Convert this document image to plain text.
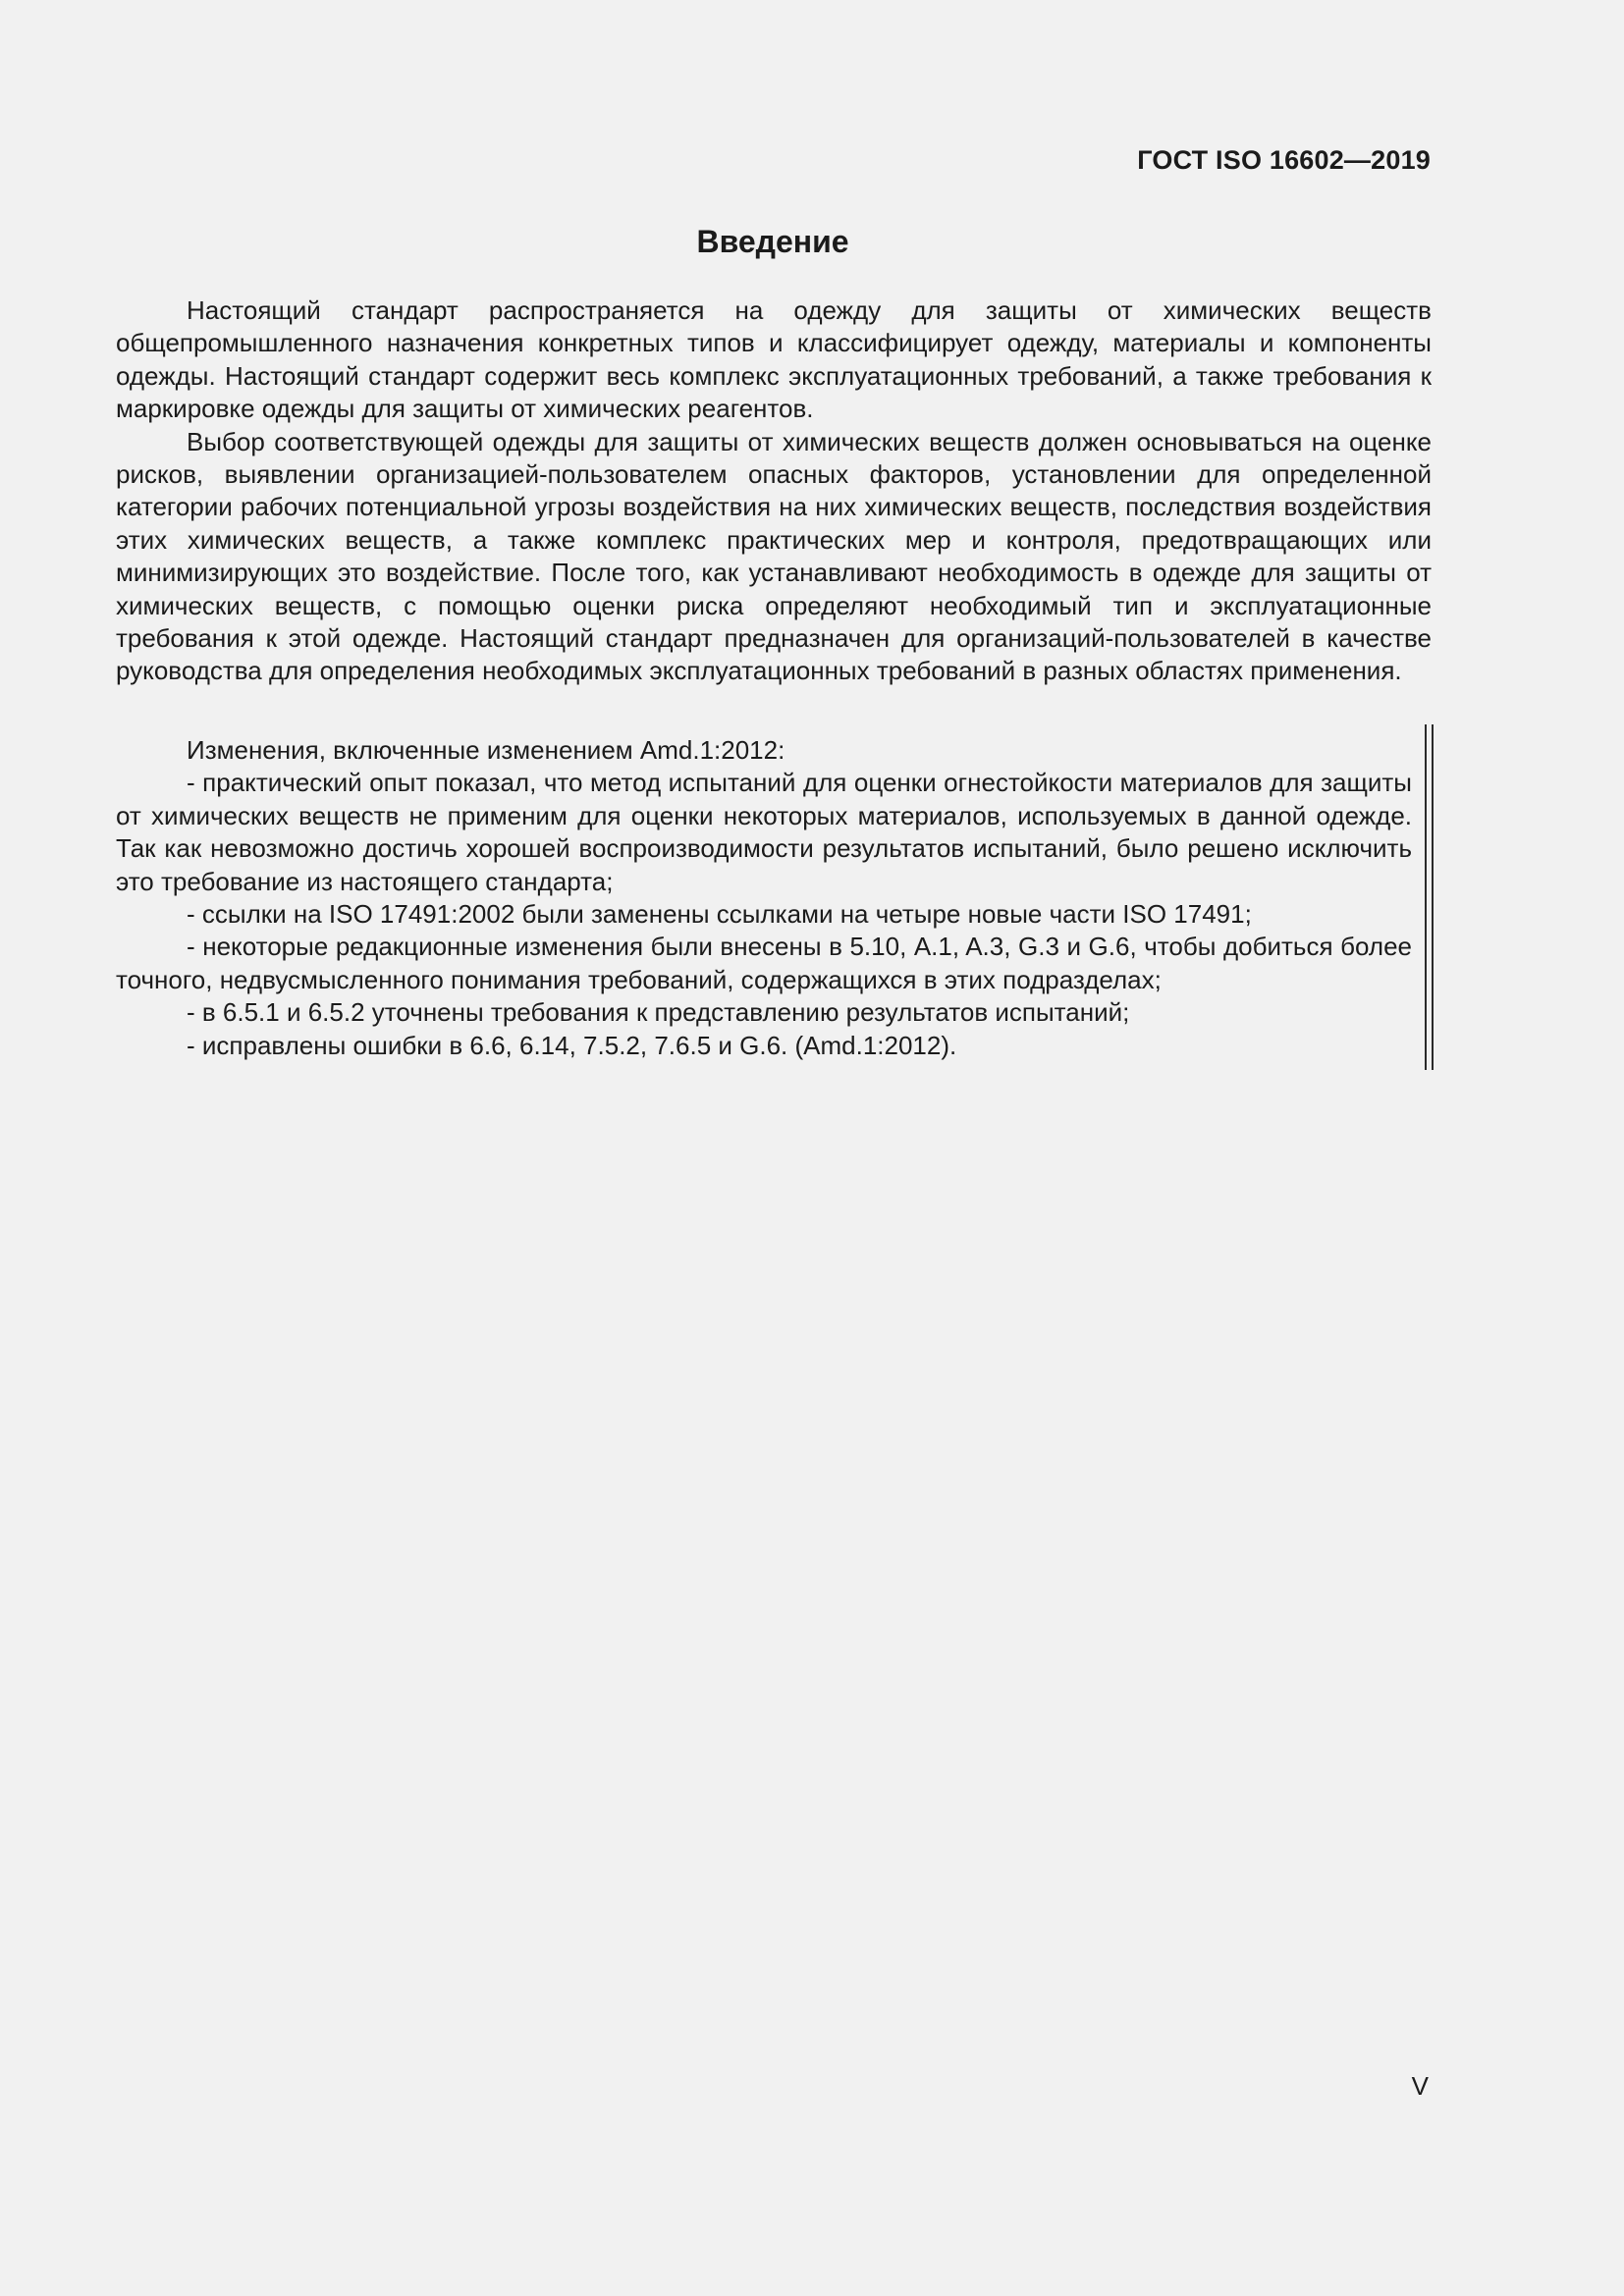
ГОСТ ISO 16602—2019
Введение

Настоящий стандарт распространяется на одежду для защиты от химических веществ общепромышленного назначения конкретных типов и классифицирует одежду, материалы и компоненты одежды. Настоящий стандарт содержит весь комплекс эксплуатационных требований, а также требования к маркировке одежды для защиты от химических реагентов.

Выбор соответствующей одежды для защиты от химических веществ должен основываться на оценке рисков, выявлении организацией-пользователем опасных факторов, установлении для определенной категории рабочих потенциальной угрозы воздействия на них химических веществ, последствия воздействия этих химических веществ, а также комплекс практических мер и контроля, предотвращающих или минимизирующих это воздействие. После того, как устанавливают необходимость в одежде для защиты от химических веществ, с помощью оценки риска определяют необходимый тип и эксплуатационные требования к этой одежде. Настоящий стандарт предназначен для организаций-пользователей в качестве руководства для определения необходимых эксплуатационных требований в разных областях применения.

Изменения, включенные изменением Amd.1:2012:

- практический опыт показал, что метод испытаний для оценки огнестойкости материалов для защиты от химических веществ не применим для оценки некоторых материалов, используемых в данной одежде. Так как невозможно достичь хорошей воспроизводимости результатов испытаний, было решено исключить это требование из настоящего стандарта;

- ссылки на ISO 17491:2002 были заменены ссылками на четыре новые части ISO 17491;

- некоторые редакционные изменения были внесены в 5.10, A.1, A.3, G.3 и G.6, чтобы добиться более точного, недвусмысленного понимания требований, содержащихся в этих подразделах;

- в 6.5.1 и 6.5.2 уточнены требования к представлению результатов испытаний;

- исправлены ошибки в 6.6, 6.14, 7.5.2, 7.6.5 и G.6. (Amd.1:2012).

V
